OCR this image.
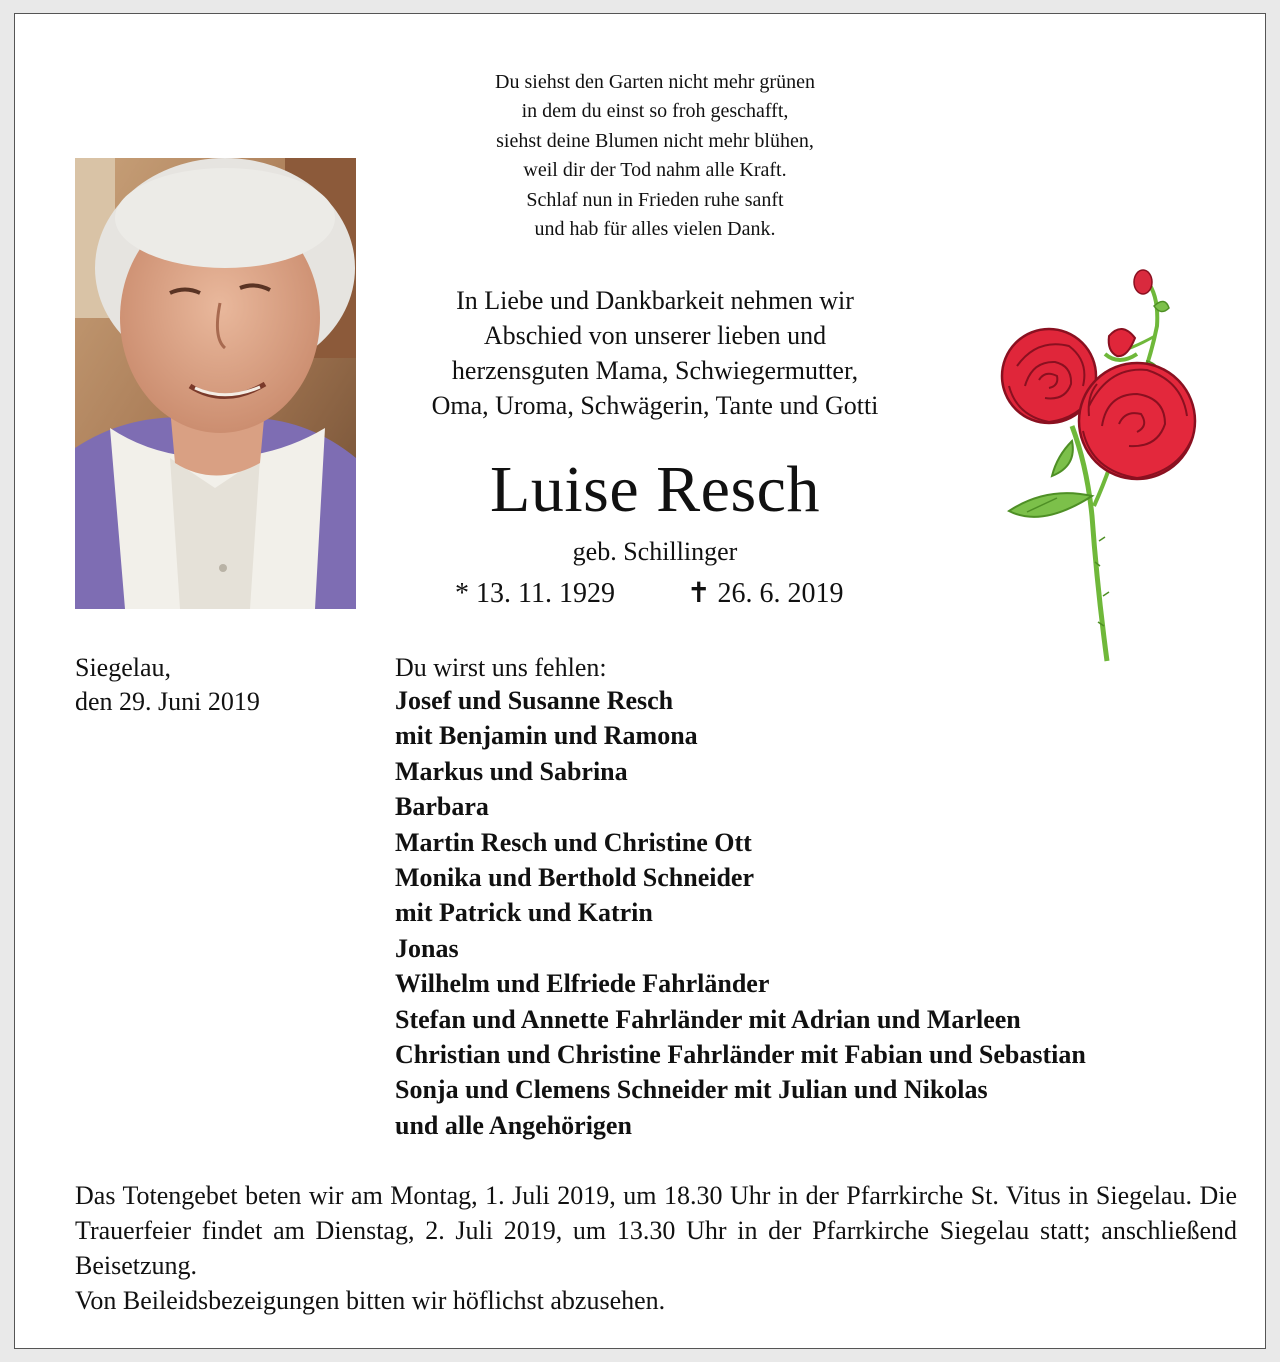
Du siehst den Garten nicht mehr grünen
in dem du einst so froh geschafft,
siehst deine Blumen nicht mehr blühen,
weil dir der Tod nahm alle Kraft.
Schlaf nun in Frieden ruhe sanft
und hab für alles vielen Dank.
In Liebe und Dankbarkeit nehmen wir
Abschied von unserer lieben und
herzensguten Mama, Schwiegermutter,
Oma, Uroma, Schwägerin, Tante und Gotti
Luise Resch
geb. Schillinger
* 13. 11. 1929	✝ 26. 6. 2019
Siegelau,
den 29. Juni 2019
Du wirst uns fehlen:
Josef und Susanne Resch
mit Benjamin und Ramona
Markus und Sabrina
Barbara
Martin Resch und Christine Ott
Monika und Berthold Schneider
mit Patrick und Katrin
Jonas
Wilhelm und Elfriede Fahrländer
Stefan und Annette Fahrländer mit Adrian und Marleen
Christian und Christine Fahrländer mit Fabian und Sebastian
Sonja und Clemens Schneider mit Julian und Nikolas
und alle Angehörigen

Das Totengebet beten wir am Montag, 1. Juli 2019, um 18.30 Uhr in der Pfarrkirche St. Vitus in Siegelau. Die Trauerfeier findet am Dienstag, 2. Juli 2019, um 13.30 Uhr in der Pfarrkirche Siegelau statt; anschließend Beisetzung.

Von Beileidsbezeigungen bitten wir höflichst abzusehen.
